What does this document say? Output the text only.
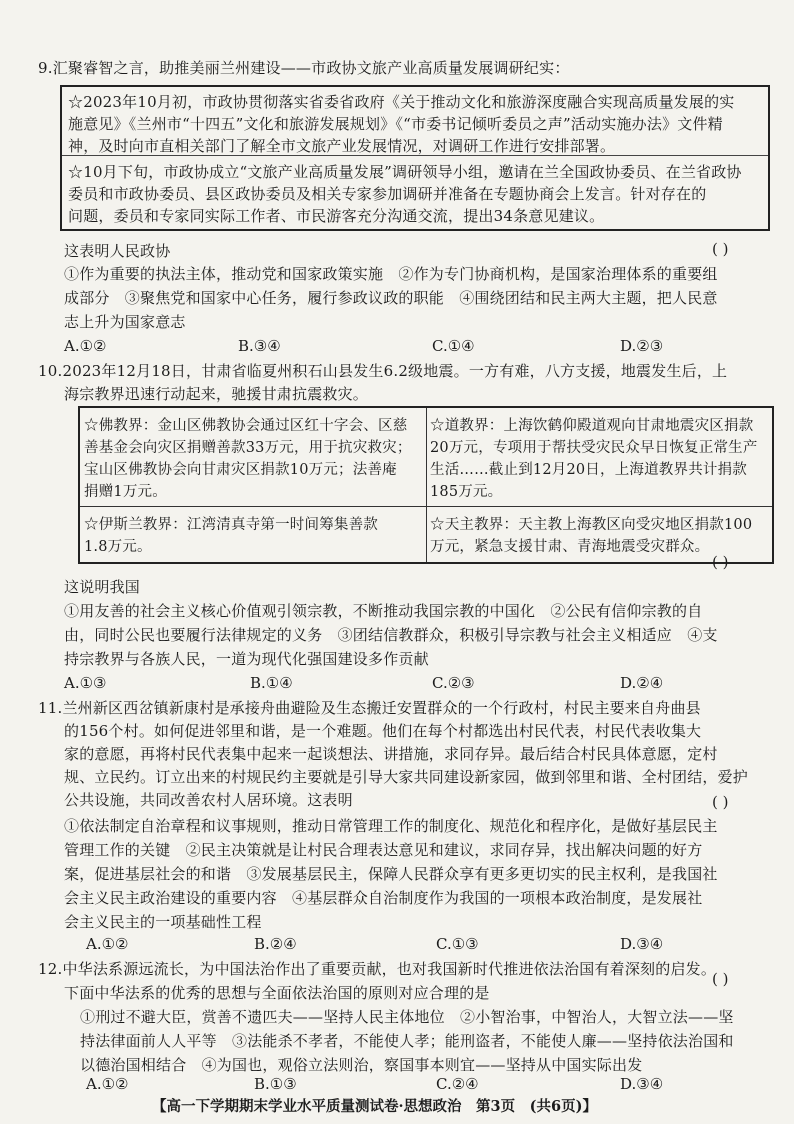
9.汇聚睿智之言，助推美丽兰州建设——市政协文旅产业高质量发展调研纪实：
☆2023年10月初，市政协贯彻落实省委省政府《关于推动文化和旅游深度融合实现高质量发展的实
施意见》《兰州市“十四五”文化和旅游发展规划》《“市委书记倾听委员之声”活动实施办法》文件精
神，及时向市直相关部门了解全市文旅产业发展情况，对调研工作进行安排部署。
☆10月下旬，市政协成立“文旅产业高质量发展”调研领导小组，邀请在兰全国政协委员、在兰省政协
委员和市政协委员、县区政协委员及相关专家参加调研并准备在专题协商会上发言。针对存在的
问题，委员和专家同实际工作者、市民游客充分沟通交流，提出34条意见建议。
这表明人民政协	( )
①作为重要的执法主体，推动党和国家政策实施　②作为专门协商机构，是国家治理体系的重要组
成部分　③聚焦党和国家中心任务，履行参政议政的职能　④围绕团结和民主两大主题，把人民意
志上升为国家意志
A.①②	B.③④	C.①④	D.②③
10.2023年12月18日，甘肃省临夏州积石山县发生6.2级地震。一方有难，八方支援，地震发生后，上
海宗教界迅速行动起来，驰援甘肃抗震救灾。
☆佛教界：金山区佛教协会通过区红十字会、区慈
善基金会向灾区捐赠善款33万元，用于抗灾救灾；
宝山区佛教协会向甘肃灾区捐款10万元；法善庵
捐赠1万元。
☆道教界：上海饮鹤仰殿道观向甘肃地震灾区捐款
20万元，专项用于帮扶受灾民众早日恢复正常生产
生活……截止到12月20日，上海道教界共计捐款
185万元。
☆伊斯兰教界：江湾清真寺第一时间筹集善款
1.8万元。
☆天主教界：天主教上海教区向受灾地区捐款100
万元，紧急支援甘肃、青海地震受灾群众。
( )
这说明我国
①用友善的社会主义核心价值观引领宗教，不断推动我国宗教的中国化　②公民有信仰宗教的自
由，同时公民也要履行法律规定的义务　③团结信教群众，积极引导宗教与社会主义相适应　④支
持宗教界与各族人民，一道为现代化强国建设多作贡献
A.①③	B.①④	C.②③	D.②④
11.兰州新区西岔镇新康村是承接舟曲避险及生态搬迁安置群众的一个行政村，村民主要来自舟曲县
的156个村。如何促进邻里和谐，是一个难题。他们在每个村都选出村民代表，村民代表收集大
家的意愿，再将村民代表集中起来一起谈想法、讲措施，求同存异。最后结合村民具体意愿，定村
规、立民约。订立出来的村规民约主要就是引导大家共同建设新家园，做到邻里和谐、全村团结，爱护
公共设施，共同改善农村人居环境。这表明	( )
①依法制定自治章程和议事规则，推动日常管理工作的制度化、规范化和程序化，是做好基层民主
管理工作的关键　②民主决策就是让村民合理表达意见和建议，求同存异，找出解决问题的好方
案，促进基层社会的和谐　③发展基层民主，保障人民群众享有更多更切实的民主权利，是我国社
会主义民主政治建设的重要内容　④基层群众自治制度作为我国的一项根本政治制度，是发展社
会主义民主的一项基础性工程
A.①②	B.②④	C.①③	D.③④
12.中华法系源远流长，为中国法治作出了重要贡献，也对我国新时代推进依法治国有着深刻的启发。
( )
下面中华法系的优秀的思想与全面依法治国的原则对应合理的是
①刑过不避大臣，赏善不遗匹夫——坚持人民主体地位　②小智治事，中智治人，大智立法——坚
持法律面前人人平等　③法能杀不孝者，不能使人孝；能刑盗者，不能使人廉——坚持依法治国和
以德治国相结合　④为国也，观俗立法则治，察国事本则宜——坚持从中国实际出发
A.①②	B.①③	C.②④	D.③④
【高一下学期期末学业水平质量测试卷·思想政治　第3页　(共6页)】
